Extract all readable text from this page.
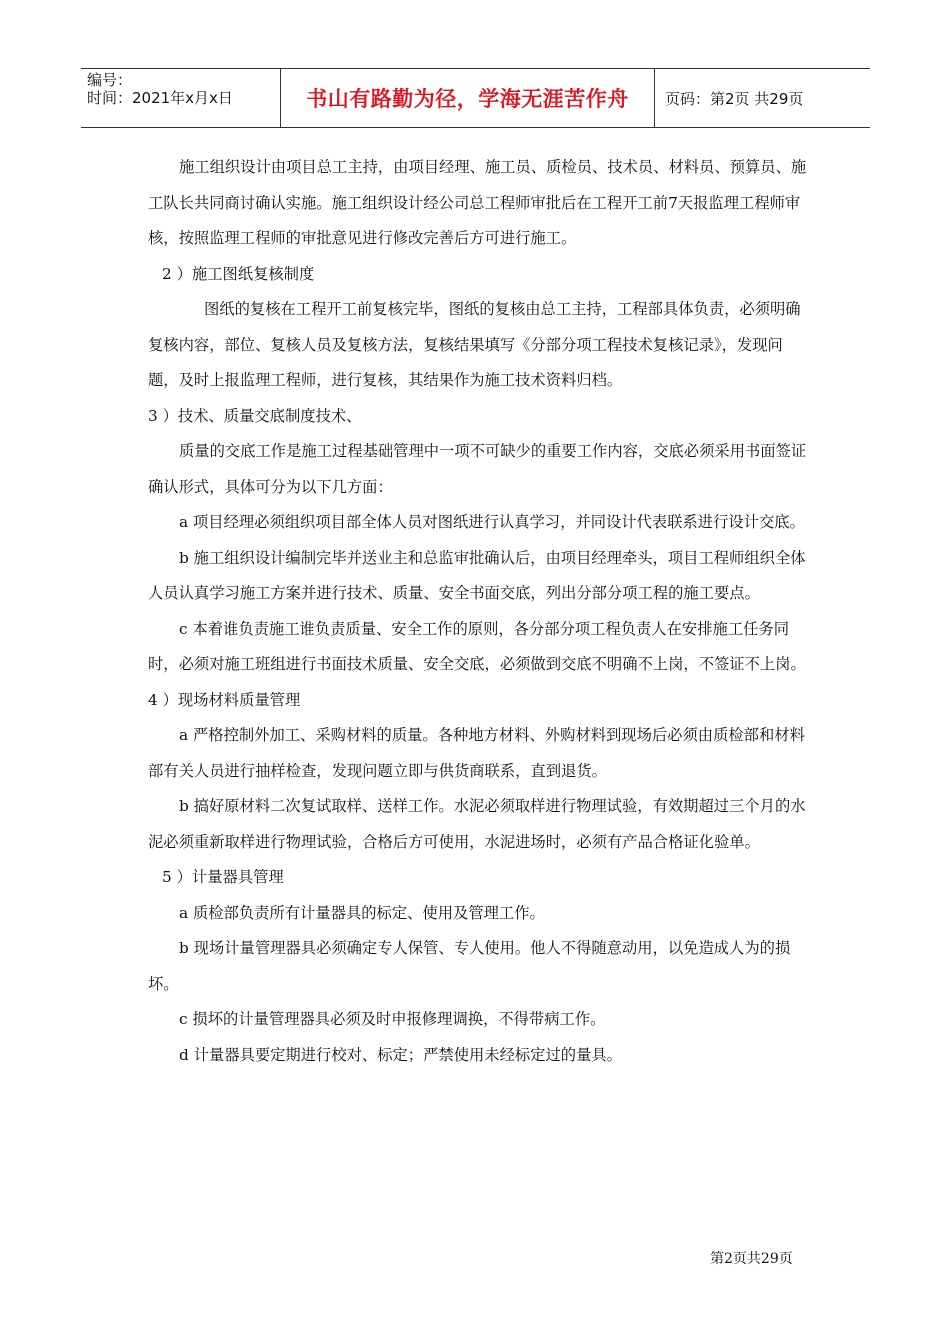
编号：
时间：2021年x月x日	书山有路勤为径，学海无涯苦作舟	页码：第2页 共29页

施工组织设计由项目总工主持，由项目经理、施工员、质检员、技术员、材料员、预算员、施工队长共同商讨确认实施。施工组织设计经公司总工程师审批后在工程开工前7天报监理工程师审核，按照监理工程师的审批意见进行修改完善后方可进行施工。

2 ）施工图纸复核制度

图纸的复核在工程开工前复核完毕，图纸的复核由总工主持，工程部具体负责，必须明确复核内容，部位、复核人员及复核方法，复核结果填写《分部分项工程技术复核记录》，发现问题，及时上报监理工程师，进行复核，其结果作为施工技术资料归档。

3 ）技术、质量交底制度技术、

质量的交底工作是施工过程基础管理中一项不可缺少的重要工作内容，交底必须采用书面签证确认形式，具体可分为以下几方面：

a 项目经理必须组织项目部全体人员对图纸进行认真学习，并同设计代表联系进行设计交底。

b 施工组织设计编制完毕并送业主和总监审批确认后，由项目经理牵头，项目工程师组织全体人员认真学习施工方案并进行技术、质量、安全书面交底，列出分部分项工程的施工要点。

c 本着谁负责施工谁负责质量、安全工作的原则，各分部分项工程负责人在安排施工任务同时，必须对施工班组进行书面技术质量、安全交底，必须做到交底不明确不上岗，不签证不上岗。

4 ）现场材料质量管理

a 严格控制外加工、采购材料的质量。各种地方材料、外购材料到现场后必须由质检部和材料部有关人员进行抽样检查，发现问题立即与供货商联系，直到退货。

b 搞好原材料二次复试取样、送样工作。水泥必须取样进行物理试验，有效期超过三个月的水泥必须重新取样进行物理试验，合格后方可使用，水泥进场时，必须有产品合格证化验单。

5 ）计量器具管理

a 质检部负责所有计量器具的标定、使用及管理工作。

b 现场计量管理器具必须确定专人保管、专人使用。他人不得随意动用，以免造成人为的损坏。

c 损坏的计量管理器具必须及时申报修理调换，不得带病工作。

d 计量器具要定期进行校对、标定；严禁使用未经标定过的量具。

第2页共29页
